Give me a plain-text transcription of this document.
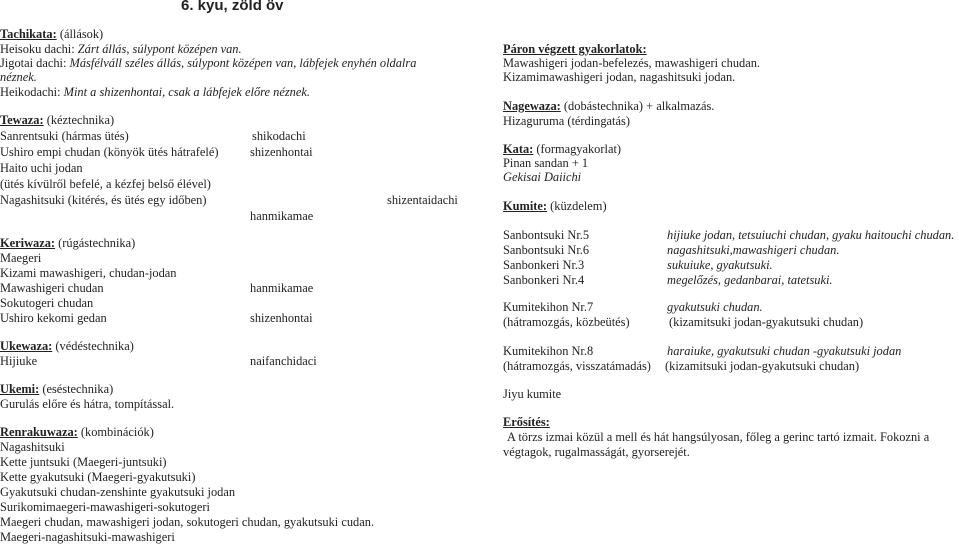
6. kyu, zöld öv
Tachikata: (állások)
Heisoku dachi: Zárt állás, súlypont középen van.
Jigotai dachi: Másfélváll széles állás, súlypont középen van, lábfejek enyhén oldalra
néznek.
Heikodachi: Mint a shizenhontai, csak a lábfejek előre néznek.
Tewaza: (kéztechnika)
Sanrentsuki (hármas ütés)	shikodachi
Ushiro empi chudan (könyök ütés hátrafelé)	shizenhontai
Haito uchi jodan
(ütés kívülről befelé, a kézfej belső élével)
Nagashitsuki (kitérés, és ütés egy időben)	shizentaidachi
hanmikamae
Keriwaza: (rúgástechnika)
Maegeri
Kizami mawashigeri, chudan-jodan
Mawashigeri chudan	hanmikamae
Sokutogeri chudan
Ushiro kekomi gedan	shizenhontai
Ukewaza: (védéstechnika)
Hijiuke	naifanchidaci
Ukemi: (eséstechnika)
Gurulás előre és hátra, tompítással.
Renrakuwaza: (kombinációk)
Nagashitsuki
Kette juntsuki (Maegeri-juntsuki)
Kette gyakutsuki (Maegeri-gyakutsuki)
Gyakutsuki chudan-zenshinte gyakutsuki jodan
Surikomimaegeri-mawashigeri-sokutogeri
Maegeri chudan, mawashigeri jodan, sokutogeri chudan, gyakutsuki cudan.
Maegeri-nagashitsuki-mawashigeri
Páron végzett gyakorlatok:
Mawashigeri jodan-befelezés, mawashigeri chudan.
Kizamimawashigeri jodan, nagashitsuki jodan.
Nagewaza: (dobástechnika) + alkalmazás.
Hizaguruma (térdingatás)
Kata: (formagyakorlat)
Pinan sandan + 1
Gekisai Daiichi
Kumite: (küzdelem)
Sanbontsuki Nr.5	hijiuke jodan, tetsuiuchi chudan, gyaku haitouchi chudan.
Sanbontsuki Nr.6	nagashitsuki,mawashigeri chudan.
Sanbonkeri Nr.3	sukuiuke, gyakutsuki.
Sanbonkeri Nr.4	megelőzés, gedanbarai, tatetsuki.
Kumitekihon Nr.7	gyakutsuki chudan.
(hátramozgás, közbeütés)	(kizamitsuki jodan-gyakutsuki chudan)
Kumitekihon Nr.8	haraiuke, gyakutsuki chudan -gyakutsuki jodan
(hátramozgás, visszatámadás) (kizamitsuki jodan-gyakutsuki chudan)
Jiyu kumite
Erősítés:
A törzs izmai közül a mell és hát hangsúlyosan, főleg a gerinc tartó izmait. Fokozni a
végtagok, rugalmasságát, gyorserejét.
